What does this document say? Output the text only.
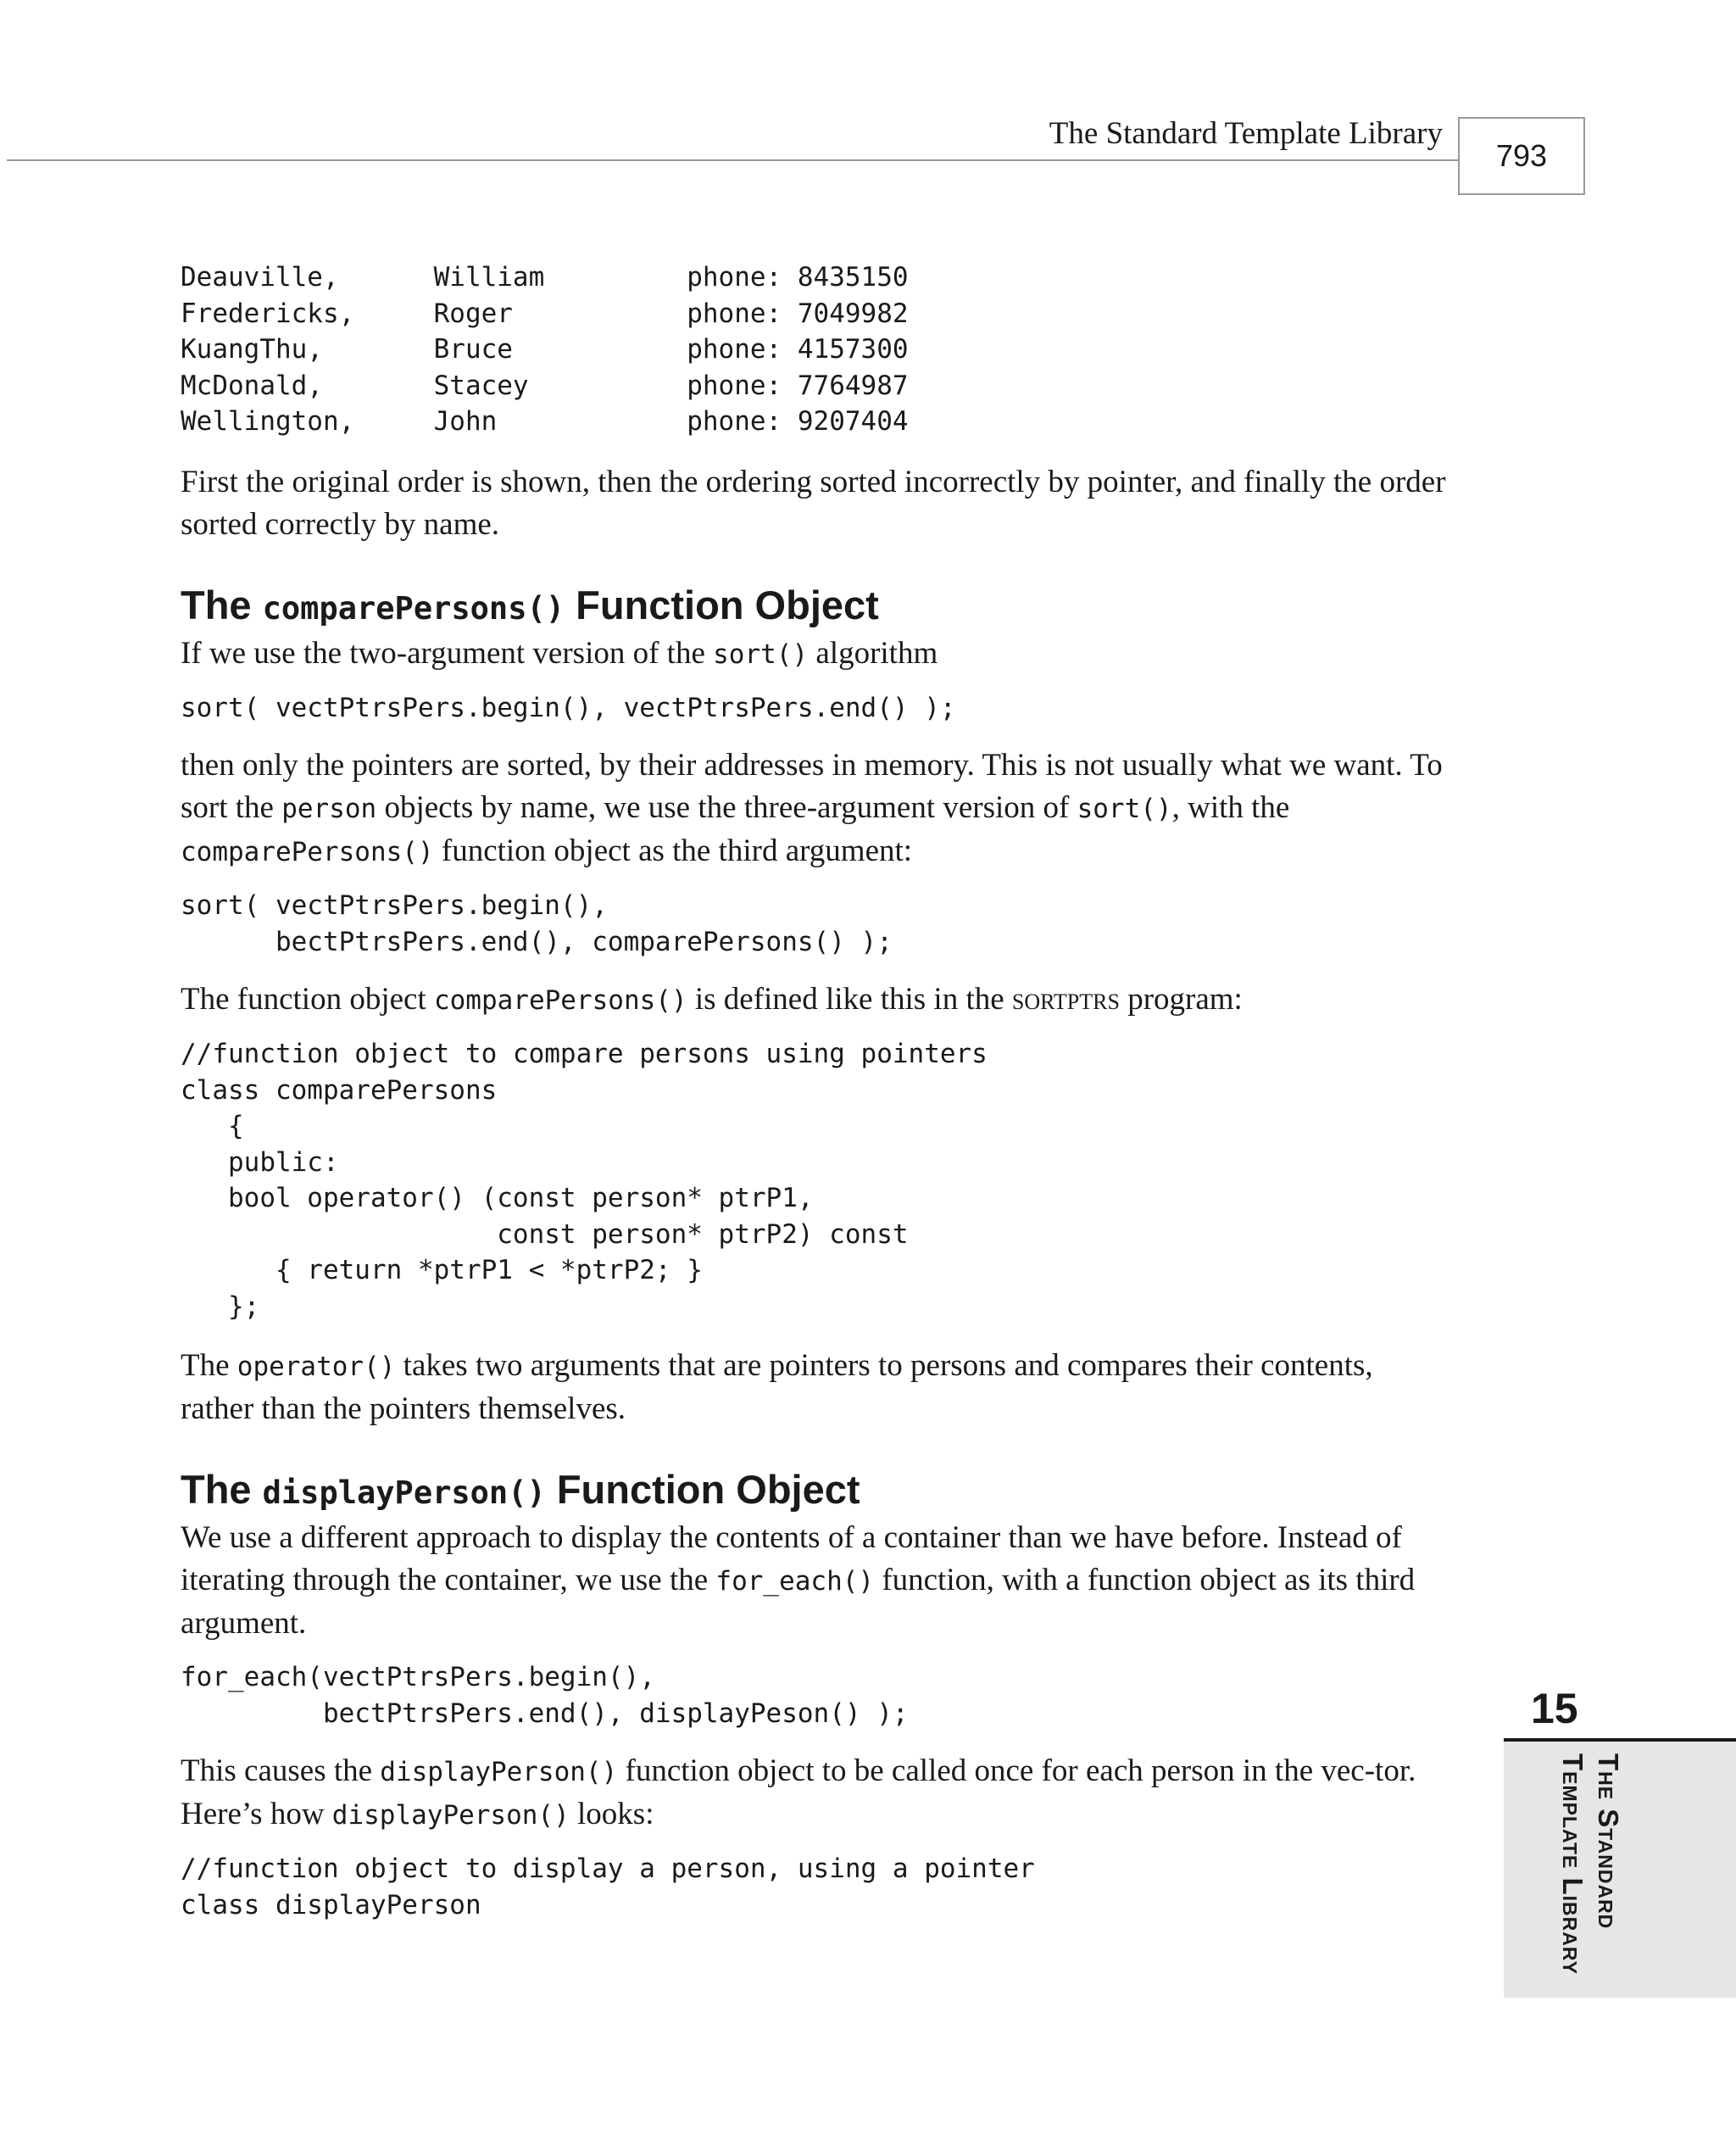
The Standard Template Library
793
Deauville,      William         phone: 8435150
Fredericks,     Roger           phone: 7049982
KuangThu,       Bruce           phone: 4157300
McDonald,       Stacey          phone: 7764987
Wellington,     John            phone: 9207404

First the original order is shown, then the ordering sorted incorrectly by pointer, and finally the order sorted correctly by name.

The comparePersons() Function Object

If we use the two-argument version of the sort() algorithm

sort( vectPtrsPers.begin(), vectPtrsPers.end() );

then only the pointers are sorted, by their addresses in memory. This is not usually what we want. To sort the person objects by name, we use the three-argument version of sort(), with the comparePersons() function object as the third argument:

sort( vectPtrsPers.begin(),
bectPtrsPers.end(), comparePersons() );

The function object comparePersons() is defined like this in the sortptrs program:

//function object to compare persons using pointers
class comparePersons
{
public:
bool operator() (const person* ptrP1,
const person* ptrP2) const
{ return *ptrP1 < *ptrP2; }
};

The operator() takes two arguments that are pointers to persons and compares their contents, rather than the pointers themselves.

The displayPerson() Function Object

We use a different approach to display the contents of a container than we have before. Instead of iterating through the container, we use the for_each() function, with a function object as its third argument.

for_each(vectPtrsPers.begin(),
bectPtrsPers.end(), displayPeson() );

This causes the displayPerson() function object to be called once for each person in the vec-tor. Here’s how displayPerson() looks:

//function object to display a person, using a pointer
class displayPerson
15
The Standard
Template Library
